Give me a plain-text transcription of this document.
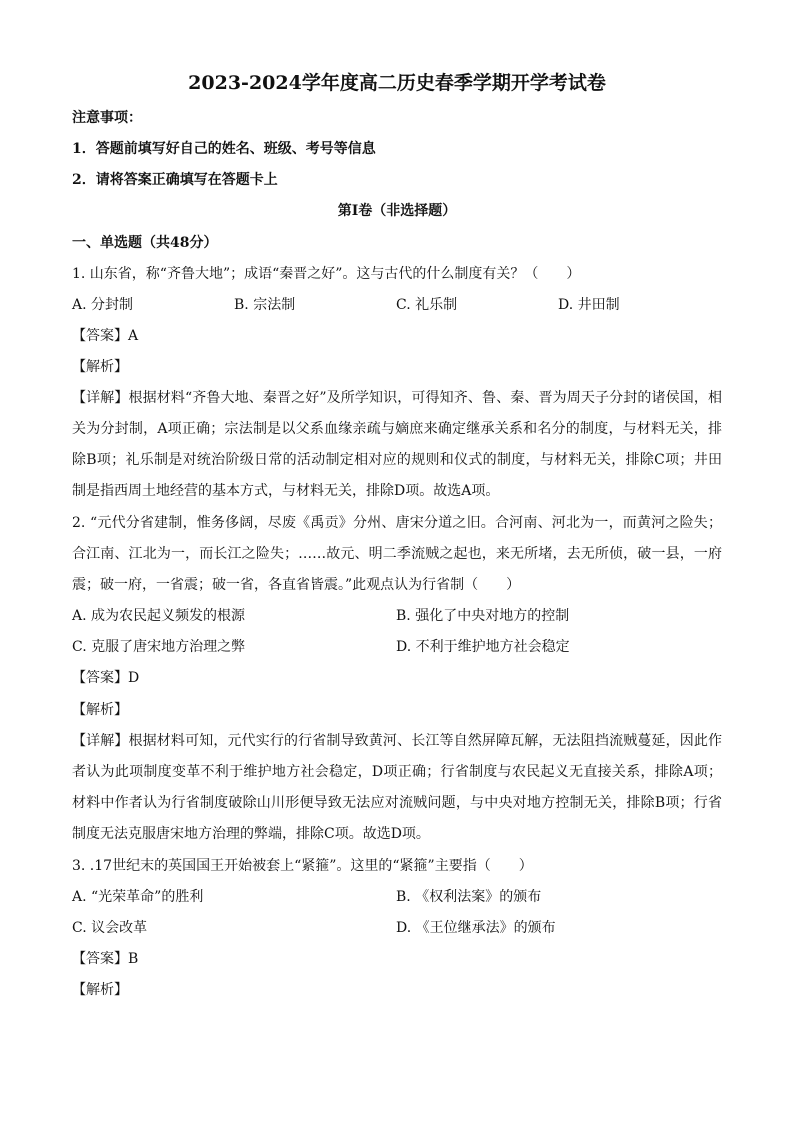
2023-2024学年度高二历史春季学期开学考试卷
注意事项：
1．答题前填写好自己的姓名、班级、考号等信息
2．请将答案正确填写在答题卡上
第I卷（非选择题）
一、单选题（共48分）
1. 山东省，称“齐鲁大地”；成语“秦晋之好”。这与古代的什么制度有关？（　　）
A. 分封制	B. 宗法制	C. 礼乐制	D. 井田制
【答案】A
【解析】
【详解】根据材料“齐鲁大地、秦晋之好”及所学知识，可得知齐、鲁、秦、晋为周天子分封的诸侯国，相
关为分封制，A项正确；宗法制是以父系血缘亲疏与嫡庶来确定继承关系和名分的制度，与材料无关，排
除B项；礼乐制是对统治阶级日常的活动制定相对应的规则和仪式的制度，与材料无关，排除C项；井田
制是指西周土地经营的基本方式，与材料无关，排除D项。故选A项。
2. “元代分省建制，惟务侈阔，尽废《禹贡》分州、唐宋分道之旧。合河南、河北为一，而黄河之险失；
合江南、江北为一，而长江之险失；……故元、明二季流贼之起也，来无所堵，去无所侦，破一县，一府
震；破一府，一省震；破一省，各直省皆震。”此观点认为行省制（　　）
A. 成为农民起义频发的根源	B. 强化了中央对地方的控制
C. 克服了唐宋地方治理之弊	D. 不利于维护地方社会稳定
【答案】D
【解析】
【详解】根据材料可知，元代实行的行省制导致黄河、长江等自然屏障瓦解，无法阻挡流贼蔓延，因此作
者认为此项制度变革不利于维护地方社会稳定，D项正确；行省制度与农民起义无直接关系，排除A项；
材料中作者认为行省制度破除山川形便导致无法应对流贼问题，与中央对地方控制无关，排除B项；行省
制度无法克服唐宋地方治理的弊端，排除C项。故选D项。
3. .17世纪末的英国国王开始被套上“紧箍”。这里的“紧箍”主要指（　　）
A. “光荣革命”的胜利	B. 《权利法案》的颁布
C. 议会改革	D. 《王位继承法》的颁布
【答案】B
【解析】
